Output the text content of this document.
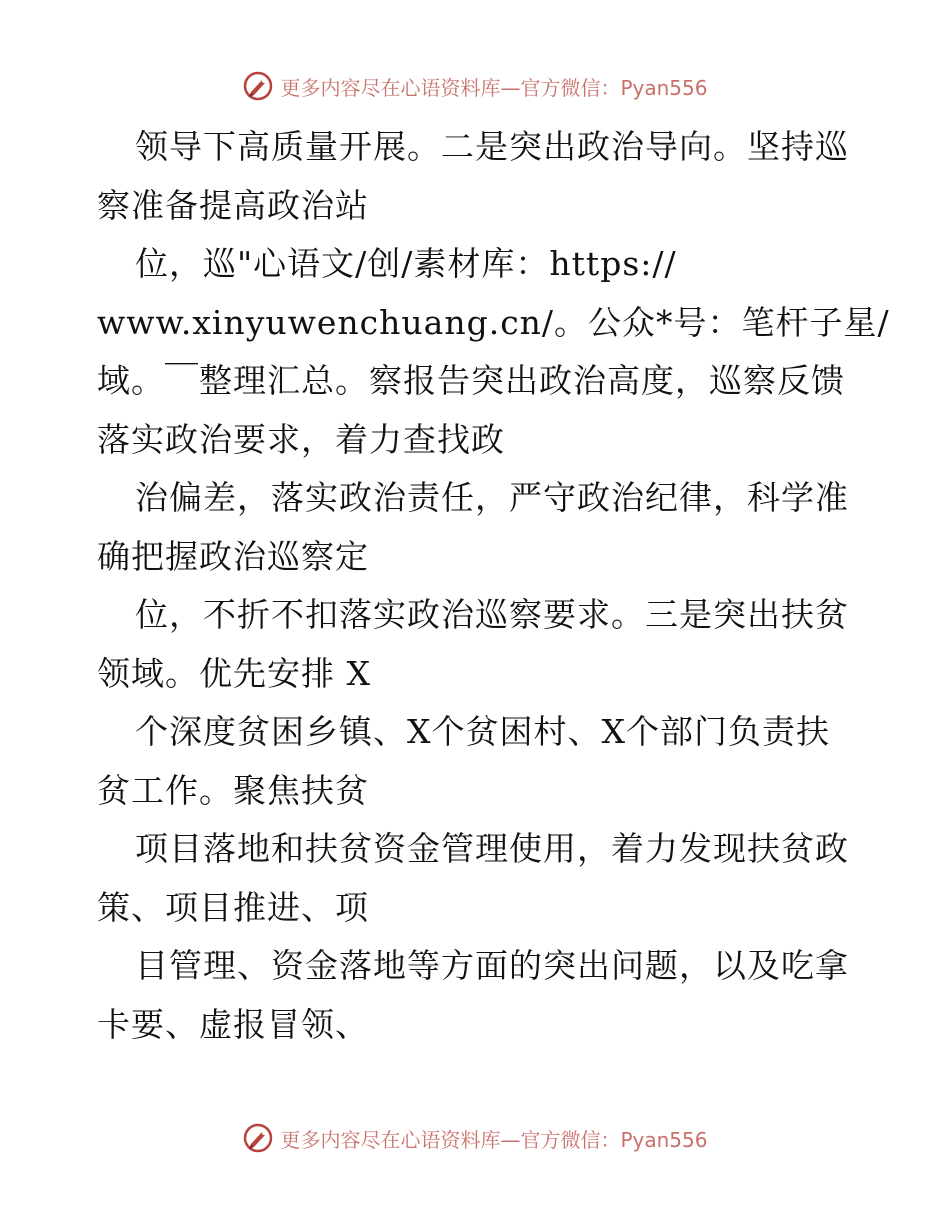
更多内容尽在心语资料库—官方微信：Pyan556
领导下高质量开展。二是突出政治导向。坚持巡
察准备提高政治站
位，巡"心语文/创/素材库：https://
www.xinyuwenchuang.cn/。公众*号：笔杆子星/
域。￣整理汇总。察报告突出政治高度，巡察反馈
落实政治要求，着力查找政
治偏差，落实政治责任，严守政治纪律，科学准
确把握政治巡察定
位，不折不扣落实政治巡察要求。三是突出扶贫
领域。优先安排 X
个深度贫困乡镇、X个贫困村、X个部门负责扶
贫工作。聚焦扶贫
项目落地和扶贫资金管理使用，着力发现扶贫政
策、项目推进、项
目管理、资金落地等方面的突出问题，以及吃拿
卡要、虚报冒领、
更多内容尽在心语资料库—官方微信：Pyan556
